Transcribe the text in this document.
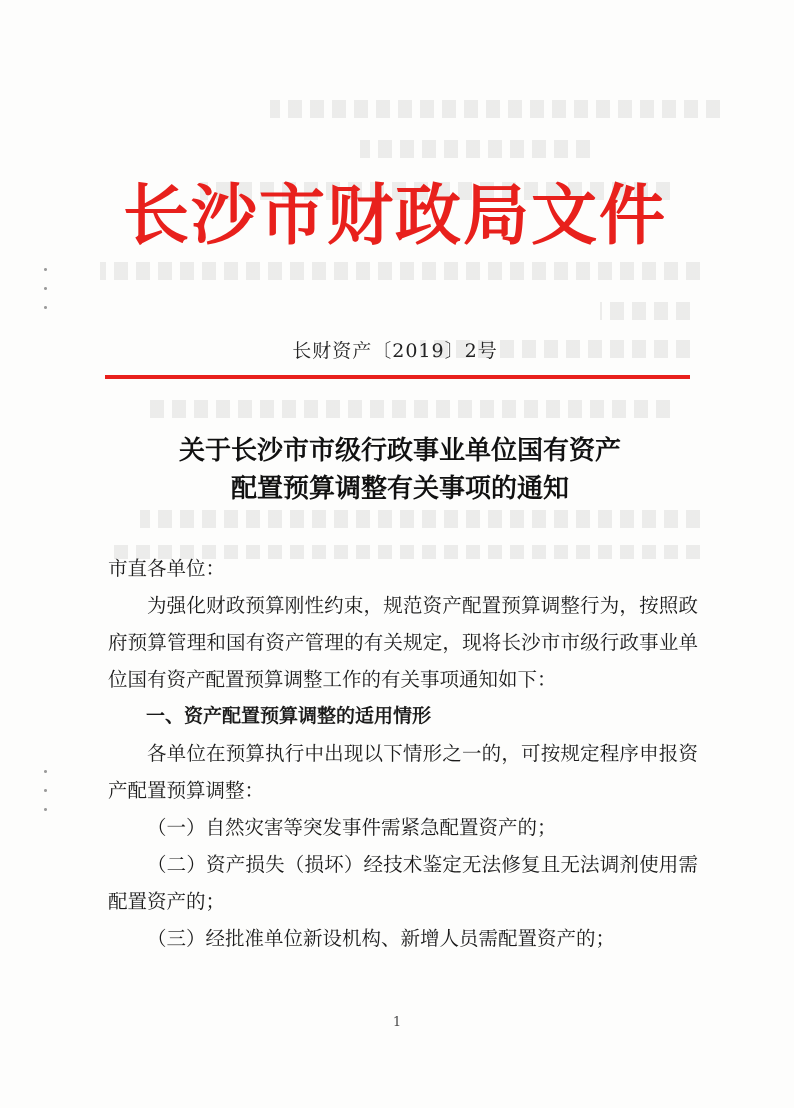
长沙市财政局文件
长财资产〔2019〕2号
关于长沙市市级行政事业单位国有资产
配置预算调整有关事项的通知

市直各单位：

为强化财政预算刚性约束，规范资产配置预算调整行为，按照政府预算管理和国有资产管理的有关规定，现将长沙市市级行政事业单位国有资产配置预算调整工作的有关事项通知如下：

一、资产配置预算调整的适用情形

各单位在预算执行中出现以下情形之一的，可按规定程序申报资产配置预算调整：

（一）自然灾害等突发事件需紧急配置资产的；

（二）资产损失（损坏）经技术鉴定无法修复且无法调剂使用需配置资产的；

（三）经批准单位新设机构、新增人员需配置资产的；

1
